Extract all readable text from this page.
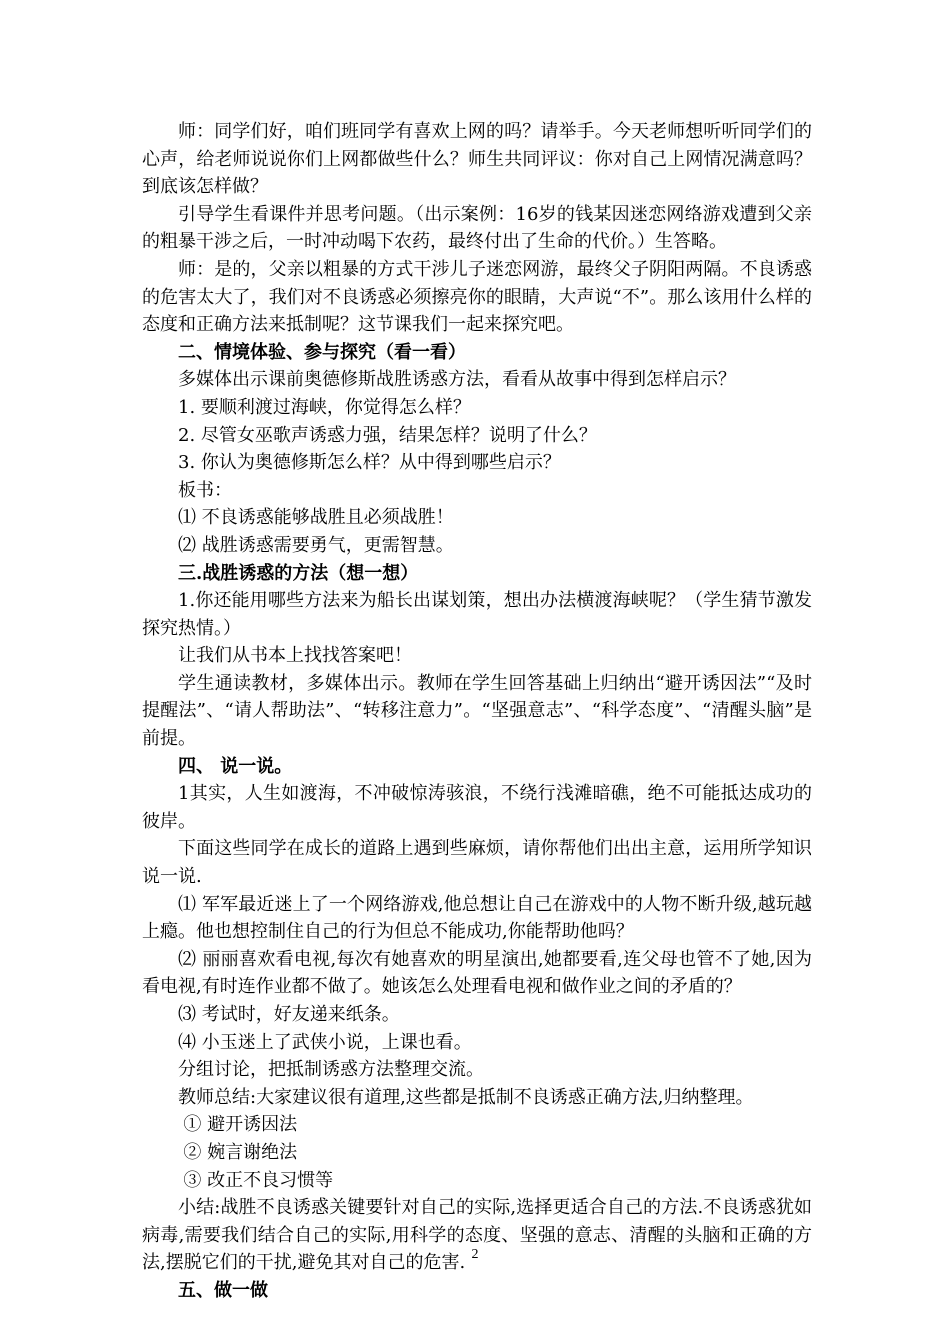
师：同学们好，咱们班同学有喜欢上网的吗？请举手。今天老师想听听同学们的心声，给老师说说你们上网都做些什么？师生共同评议：你对自己上网情况满意吗？到底该怎样做？

引导学生看课件并思考问题。（出示案例：16岁的钱某因迷恋网络游戏遭到父亲的粗暴干涉之后，一时冲动喝下农药，最终付出了生命的代价。）生答略。

师：是的，父亲以粗暴的方式干涉儿子迷恋网游，最终父子阴阳两隔。不良诱惑的危害太大了，我们对不良诱惑必须擦亮你的眼睛，大声说“不”。那么该用什么样的态度和正确方法来抵制呢？这节课我们一起来探究吧。

二、情境体验、参与探究（看一看）

多媒体出示课前奥德修斯战胜诱惑方法，看看从故事中得到怎样启示？

1. 要顺利渡过海峡，你觉得怎么样？

2. 尽管女巫歌声诱惑力强，结果怎样？说明了什么？

3. 你认为奥德修斯怎么样？从中得到哪些启示？

板书：

⑴ 不良诱惑能够战胜且必须战胜！

⑵ 战胜诱惑需要勇气，更需智慧。

三.战胜诱惑的方法（想一想）

1.你还能用哪些方法来为船长出谋划策，想出办法横渡海峡呢？（学生猜节激发探究热情。）

让我们从书本上找找答案吧！

学生通读教材，多媒体出示。教师在学生回答基础上归纳出“避开诱因法”“及时提醒法”、“请人帮助法”、“转移注意力”。“坚强意志”、“科学态度”、“清醒头脑”是前提。

四、 说一说。

1其实，人生如渡海，不冲破惊涛骇浪，不绕行浅滩暗礁，绝不可能抵达成功的彼岸。

下面这些同学在成长的道路上遇到些麻烦，请你帮他们出出主意，运用所学知识说一说.

⑴ 军军最近迷上了一个网络游戏,他总想让自己在游戏中的人物不断升级,越玩越上瘾。他也想控制住自己的行为但总不能成功,你能帮助他吗？

⑵ 丽丽喜欢看电视,每次有她喜欢的明星演出,她都要看,连父母也管不了她,因为看电视,有时连作业都不做了。她该怎么处理看电视和做作业之间的矛盾的？

⑶ 考试时，好友递来纸条。

⑷ 小玉迷上了武侠小说，上课也看。

分组讨论，把抵制诱惑方法整理交流。

教师总结:大家建议很有道理,这些都是抵制不良诱惑正确方法,归纳整理。

① 避开诱因法

② 婉言谢绝法

③ 改正不良习惯等

小结:战胜不良诱惑关键要针对自己的实际,选择更适合自己的方法.不良诱惑犹如病毒,需要我们结合自己的实际,用科学的态度、坚强的意志、清醒的头脑和正确的方法,摆脱它们的干扰,避免其对自己的危害.

五、做一做

2
